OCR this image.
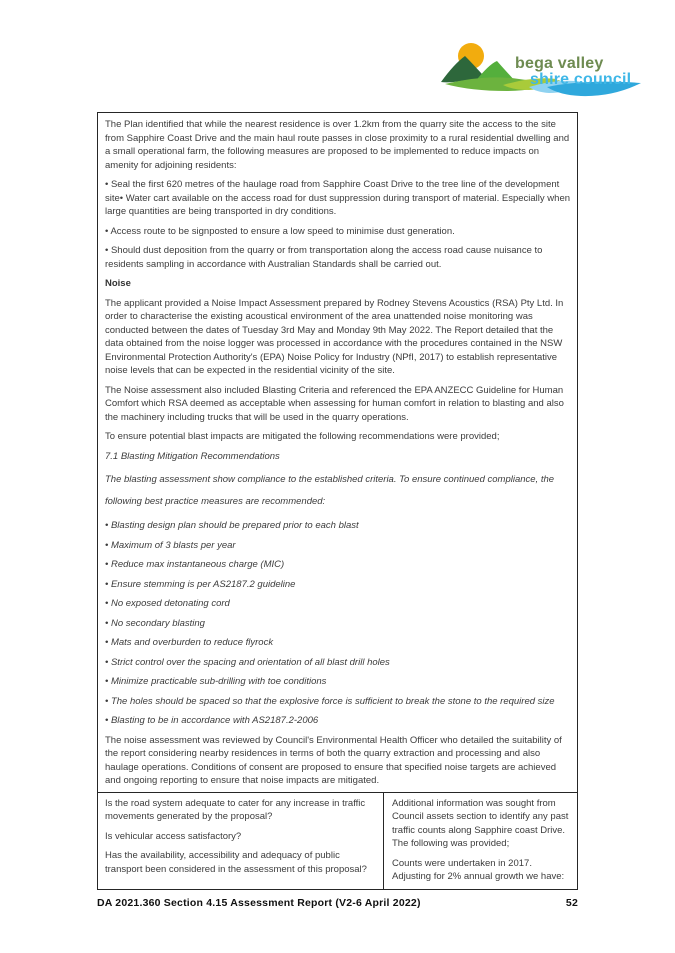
bega valley
shire council

The Plan identified that while the nearest residence is over 1.2km from the quarry site the access to the site from Sapphire Coast Drive and the main haul route passes in close proximity to a rural residential dwelling and a small operational farm, the following measures are proposed to be implemented to reduce impacts on amenity for adjoining residents:

• Seal the first 620 metres of the haulage road from Sapphire Coast Drive to the tree line of the development site• Water cart available on the access road for dust suppression during transport of material. Especially when large quantities are being transported in dry conditions.

• Access route to be signposted to ensure a low speed to minimise dust generation.

• Should dust deposition from the quarry or from transportation along the access road cause nuisance to residents sampling in accordance with Australian Standards shall be carried out.

Noise

The applicant provided a Noise Impact Assessment prepared by Rodney Stevens Acoustics (RSA) Pty Ltd. In order to characterise the existing acoustical environment of the area unattended noise monitoring was conducted between the dates of Tuesday 3rd May and Monday 9th May 2022. The Report detailed that the data obtained from the noise logger was processed in accordance with the procedures contained in the NSW Environmental Protection Authority's (EPA) Noise Policy for Industry (NPfI, 2017) to establish representative noise levels that can be expected in the residential vicinity of the site.

The Noise assessment also included Blasting Criteria and referenced the EPA ANZECC Guideline for Human Comfort which RSA deemed as acceptable when assessing for human comfort in relation to blasting and also the machinery including trucks that will be used in the quarry operations.

To ensure potential blast impacts are mitigated the following recommendations were provided;

7.1 Blasting Mitigation Recommendations

The blasting assessment show compliance to the established criteria. To ensure continued compliance, the following best practice measures are recommended:

• Blasting design plan should be prepared prior to each blast

• Maximum of 3 blasts per year

• Reduce max instantaneous charge (MIC)

• Ensure stemming is per AS2187.2 guideline

• No exposed detonating cord

• No secondary blasting

• Mats and overburden to reduce flyrock

• Strict control over the spacing and orientation of all blast drill holes

• Minimize practicable sub-drilling with toe conditions

• The holes should be spaced so that the explosive force is sufficient to break the stone to the required size

• Blasting to be in accordance with AS2187.2-2006

The noise assessment was reviewed by Council's Environmental Health Officer who detailed the suitability of the report considering nearby residences in terms of both the quarry extraction and processing and also haulage operations. Conditions of consent are proposed to ensure that specified noise targets are achieved and ongoing reporting to ensure that noise impacts are mitigated.

Is the road system adequate to cater for any increase in traffic movements generated by the proposal?

Is vehicular access satisfactory?

Has the availability, accessibility and adequacy of public transport been considered in the assessment of this proposal?

Additional information was sought from Council assets section to identify any past traffic counts along Sapphire coast Drive. The following was provided;

Counts were undertaken in 2017. Adjusting for 2% annual growth we have:

DA 2021.360 Section 4.15 Assessment Report (V2-6 April 2022)	52
